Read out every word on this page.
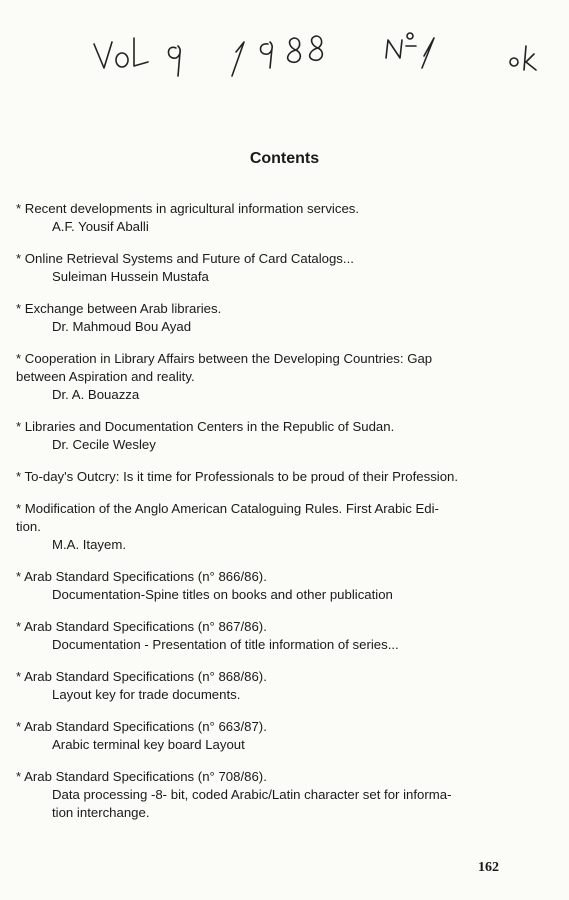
Contents
* Recent developments in agricultural information services.
A.F. Yousif Aballi
* Online Retrieval Systems and Future of Card Catalogs...
Suleiman Hussein Mustafa
* Exchange between Arab libraries.
Dr. Mahmoud Bou Ayad
* Cooperation in Library Affairs between the Developing Countries: Gap
between Aspiration and reality.
Dr. A. Bouazza
* Libraries and Documentation Centers in the Republic of Sudan.
Dr. Cecile Wesley
* To-day's Outcry: Is it time for Professionals to be proud of their Profession.
* Modification of the Anglo American Cataloguing Rules. First Arabic Edi-
tion.
M.A. Itayem.
* Arab Standard Specifications (n° 866/86).
Documentation-Spine titles on books and other publication
* Arab Standard Specifications (n° 867/86).
Documentation - Presentation of title information of series...
* Arab Standard Specifications (n° 868/86).
Layout key for trade documents.
* Arab Standard Specifications (n° 663/87).
Arabic terminal key board Layout
* Arab Standard Specifications (n° 708/86).
Data processing -8- bit, coded Arabic/Latin character set for informa-
tion interchange.
162
